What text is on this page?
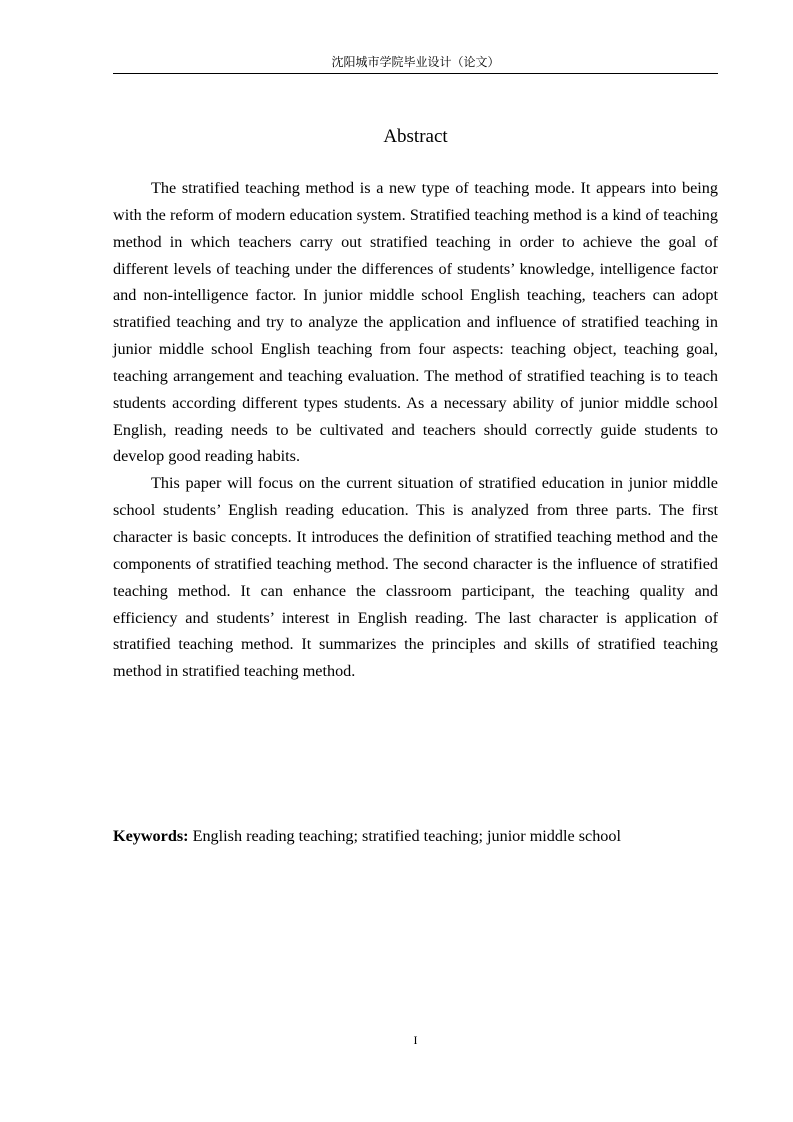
沈阳城市学院毕业设计（论文）
Abstract

The stratified teaching method is a new type of teaching mode. It appears into being with the reform of modern education system. Stratified teaching method is a kind of teaching method in which teachers carry out stratified teaching in order to achieve the goal of different levels of teaching under the differences of students’ knowledge, intelligence factor and non-intelligence factor. In junior middle school English teaching, teachers can adopt stratified teaching and try to analyze the application and influence of stratified teaching in junior middle school English teaching from four aspects: teaching object, teaching goal, teaching arrangement and teaching evaluation. The method of stratified teaching is to teach students according different types students. As a necessary ability of junior middle school English, reading needs to be cultivated and teachers should correctly guide students to develop good reading habits.

This paper will focus on the current situation of stratified education in junior middle school students’ English reading education. This is analyzed from three parts. The first character is basic concepts. It introduces the definition of stratified teaching method and the components of stratified teaching method. The second character is the influence of stratified teaching method. It can enhance the classroom participant, the teaching quality and efficiency and students’ interest in English reading. The last character is application of stratified teaching method. It summarizes the principles and skills of stratified teaching method in stratified teaching method.

Keywords: English reading teaching; stratified teaching; junior middle school
I
